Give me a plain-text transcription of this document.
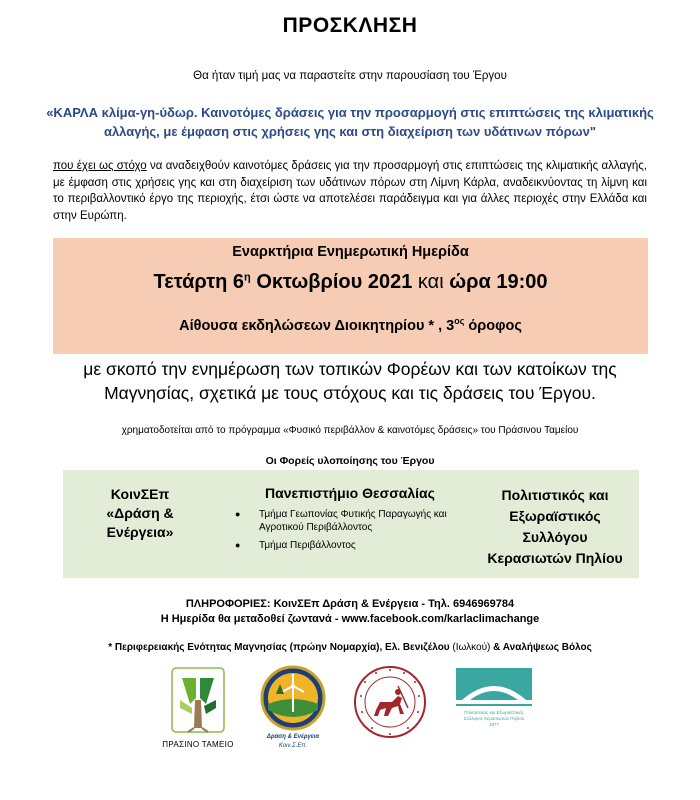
ΠΡΟΣΚΛΗΣΗ
Θα ήταν τιμή μας να παραστείτε στην παρουσίαση του Έργου
«ΚΑΡΛΑ κλίμα-γη-ύδωρ. Καινοτόμες δράσεις για την προσαρμογή στις επιπτώσεις της κλιματικής αλλαγής, με έμφαση στις χρήσεις γης και στη διαχείριση των υδάτινων πόρων"
που έχει ως στόχο να αναδειχθούν καινοτόμες δράσεις για την προσαρμογή στις επιπτώσεις της κλιματικής αλλαγής, με έμφαση στις χρήσεις γης και στη διαχείριση των υδάτινων πόρων στη Λίμνη Κάρλα, αναδεικνύοντας τη λίμνη και το περιβαλλοντικό έργο της περιοχής, έτσι ώστε να αποτελέσει παράδειγμα και για άλλες περιοχές στην Ελλάδα και στην Ευρώπη.
Εναρκτήρια Ενημερωτική Ημερίδα
Τετάρτη $6^\eta$ Οκτωβρίου 2021 και ώρα 19:00
Αίθουσα εκδηλώσεων Διοικητηρίου * , $3^{o\varsigma}$ όροφος
με σκοπό την ενημέρωση των τοπικών Φορέων και των κατοίκων της Μαγνησίας, σχετικά με τους στόχους και τις δράσεις του Έργου.
χρηματοδοτείται από το πρόγραμμα «Φυσικό περιβάλλον & καινοτόμες δράσεις» του Πράσινου Ταμείου
Οι Φορείς υλοποίησης του Έργου
ΚοινΣΕπ
«Δράση &
Ενέργεια»
Πανεπιστήμιο Θεσσαλίας
● Τμήμα Γεωπονίας Φυτικής Παραγωγής και Αγροτικού Περιβάλλοντος
● Τμήμα Περιβάλλοντος
Πολιτιστικός και
Εξωραϊστικός
Συλλόγου
Κερασιωτών Πηλίου
ΠΛΗΡΟΦΟΡΙΕΣ: ΚοινΣΕπ Δράση & Ενέργεια - Τηλ. 6946969784
Η Ημερίδα θα μεταδοθεί ζωντανά - www.facebook.com/karlaclimachange
* Περιφερειακής Ενότητας Μαγνησίας (πρώην Νομαρχία), Ελ. Βενιζέλου (Ιωλκού) & Αναλήψεως Βόλος
ΠΡΑΣΙΝΟ ΤΑΜΕΙΟ
Δράση & Ενέργεια
Κοιν.Σ.Επ.
Πολιτιστικός και Εξωραϊστικός
Σύλλογος Κερασιωτών Πηλίου
1977
